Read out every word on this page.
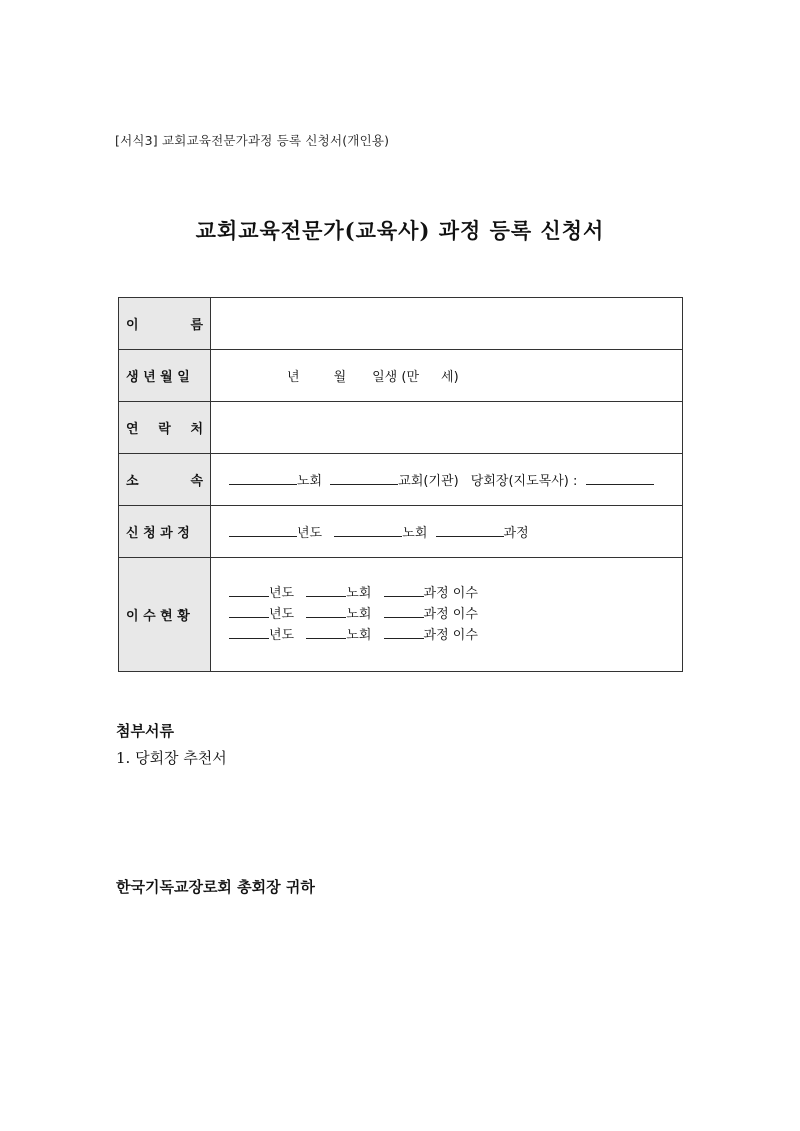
[서식3] 교회교육전문가과정 등록 신청서(개인용)
교회교육전문가(교육사) 과정 등록 신청서
이 름	

생 년 월 일	년 월 일생 (만 세)

연 락 처	

소 속	노회 교회(기관) 당회장(지도목사) :
신 청 과 정	년도 노회 과정
이 수 현 황	년도 노회 과정 이수
년도 노회 과정 이수
년도 노회 과정 이수
첨부서류
1. 당회장 추천서
한국기독교장로회 총회장 귀하
